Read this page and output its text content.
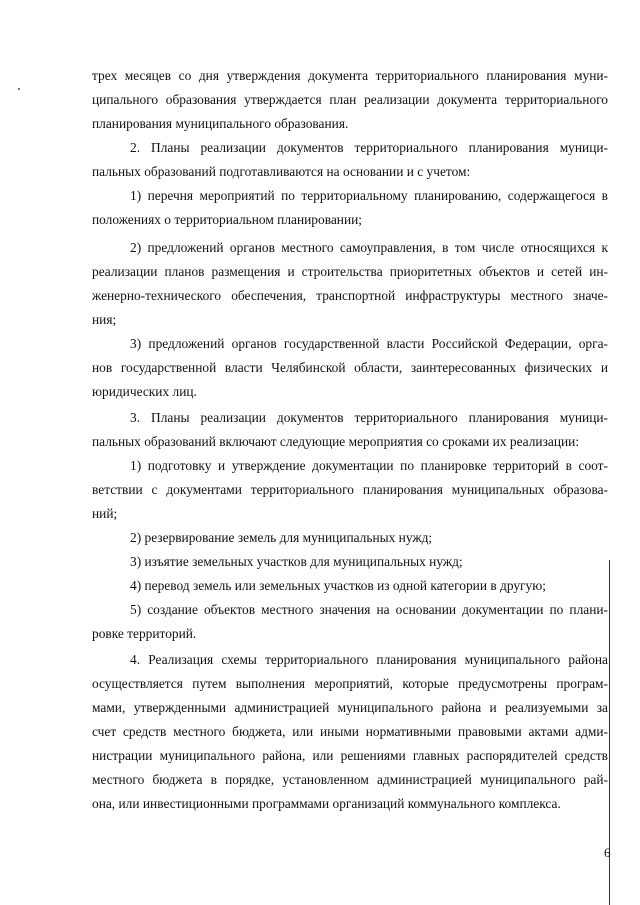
трех месяцев со дня утверждения документа территориального планирования муни-
ципального образования утверждается план реализации документа территориального
планирования муниципального образования.
2. Планы реализации документов территориального планирования муници-
пальных образований подготавливаются на основании и с учетом:
1) перечня мероприятий по территориальному планированию, содержащегося в
положениях о территориальном планировании;
2) предложений органов местного самоуправления, в том числе относящихся к
реализации планов размещения и строительства приоритетных объектов и сетей ин-
женерно-технического обеспечения, транспортной инфраструктуры местного значе-
ния;
3) предложений органов государственной власти Российской Федерации, орга-
нов государственной власти Челябинской области, заинтересованных физических и
юридических лиц.
3. Планы реализации документов территориального планирования муници-
пальных образований включают следующие мероприятия со сроками их реализации:
1) подготовку и утверждение документации по планировке территорий в соот-
ветствии с документами территориального планирования муниципальных образова-
ний;
2) резервирование земель для муниципальных нужд;
3) изъятие земельных участков для муниципальных нужд;
4) перевод земель или земельных участков из одной категории в другую;
5) создание объектов местного значения на основании документации по плани-
ровке территорий.
4. Реализация схемы территориального планирования муниципального района
осуществляется путем выполнения мероприятий, которые предусмотрены програм-
мами, утвержденными администрацией муниципального района и реализуемыми за
счет средств местного бюджета, или иными нормативными правовыми актами адми-
нистрации муниципального района, или решениями главных распорядителей средств
местного бюджета в порядке, установленном администрацией муниципального рай-
она, или инвестиционными программами организаций коммунального комплекса.
6
